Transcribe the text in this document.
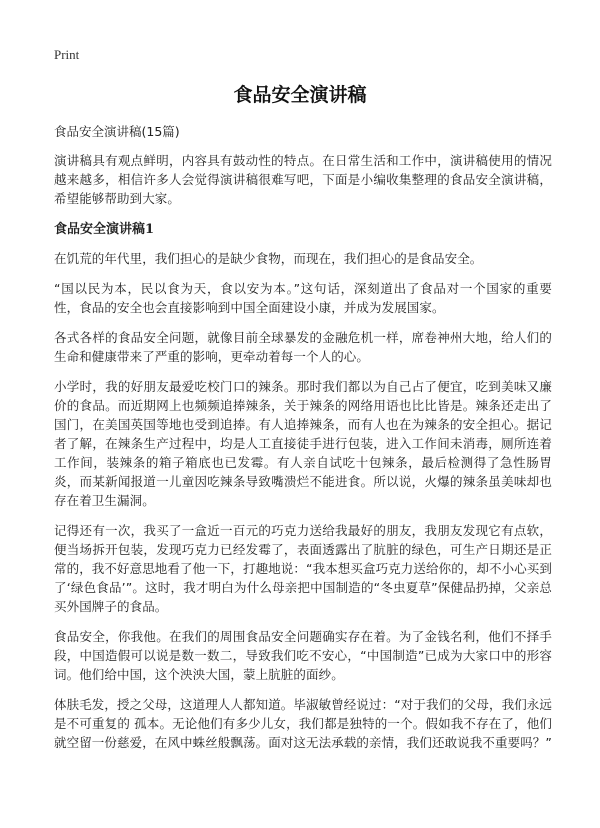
Print
食品安全演讲稿
食品安全演讲稿(15篇)

演讲稿具有观点鲜明，内容具有鼓动性的特点。在日常生活和工作中，演讲稿使用的情况越来越多，相信许多人会觉得演讲稿很难写吧，下面是小编收集整理的食品安全演讲稿，希望能够帮助到大家。

食品安全演讲稿1

在饥荒的年代里，我们担心的是缺少食物，而现在，我们担心的是食品安全。

“国以民为本，民以食为天，食以安为本。”这句话，深刻道出了食品对一个国家的重要性，食品的安全也会直接影响到中国全面建设小康，并成为发展国家。

各式各样的食品安全问题，就像目前全球暴发的金融危机一样，席卷神州大地，给人们的生命和健康带来了严重的影响，更牵动着每一个人的心。

小学时，我的好朋友最爱吃校门口的辣条。那时我们都以为自己占了便宜，吃到美味又廉价的食品。而近期网上也频频追捧辣条，关于辣条的网络用语也比比皆是。辣条还走出了国门，在美国英国等地也受到追捧。有人追捧辣条，而有人也在为辣条的安全担心。据记者了解，在辣条生产过程中，均是人工直接徒手进行包装，进入工作间未消毒，厕所连着工作间，装辣条的箱子箱底也已发霉。有人亲自试吃十包辣条，最后检测得了急性肠胃炎，而某新闻报道一儿童因吃辣条导致嘴溃烂不能进食。所以说，火爆的辣条虽美味却也存在着卫生漏洞。

记得还有一次，我买了一盒近一百元的巧克力送给我最好的朋友，我朋友发现它有点软，便当场拆开包装，发现巧克力已经发霉了，表面透露出了肮脏的绿色，可生产日期还是正常的，我不好意思地看了他一下，打趣地说：“我本想买盒巧克力送给你的，却不小心买到了‘绿色食品’”。这时，我才明白为什么母亲把中国制造的“冬虫夏草”保健品扔掉，父亲总买外国牌子的食品。

食品安全，你我他。在我们的周围食品安全问题确实存在着。为了金钱名利，他们不择手段，中国造假可以说是数一数二，导致我们吃不安心，“中国制造”已成为大家口中的形容词。他们给中国，这个泱泱大国，蒙上肮脏的面纱。

体肤毛发，授之父母，这道理人人都知道。毕淑敏曾经说过：“对于我们的父母，我们永远是不可重复的 孤本。无论他们有多少儿女，我们都是独特的一个。假如我不存在了，他们就空留一份慈爱，在风中蛛丝般飘荡。面对这无法承载的亲情，我们还敢说我不重要吗？”
